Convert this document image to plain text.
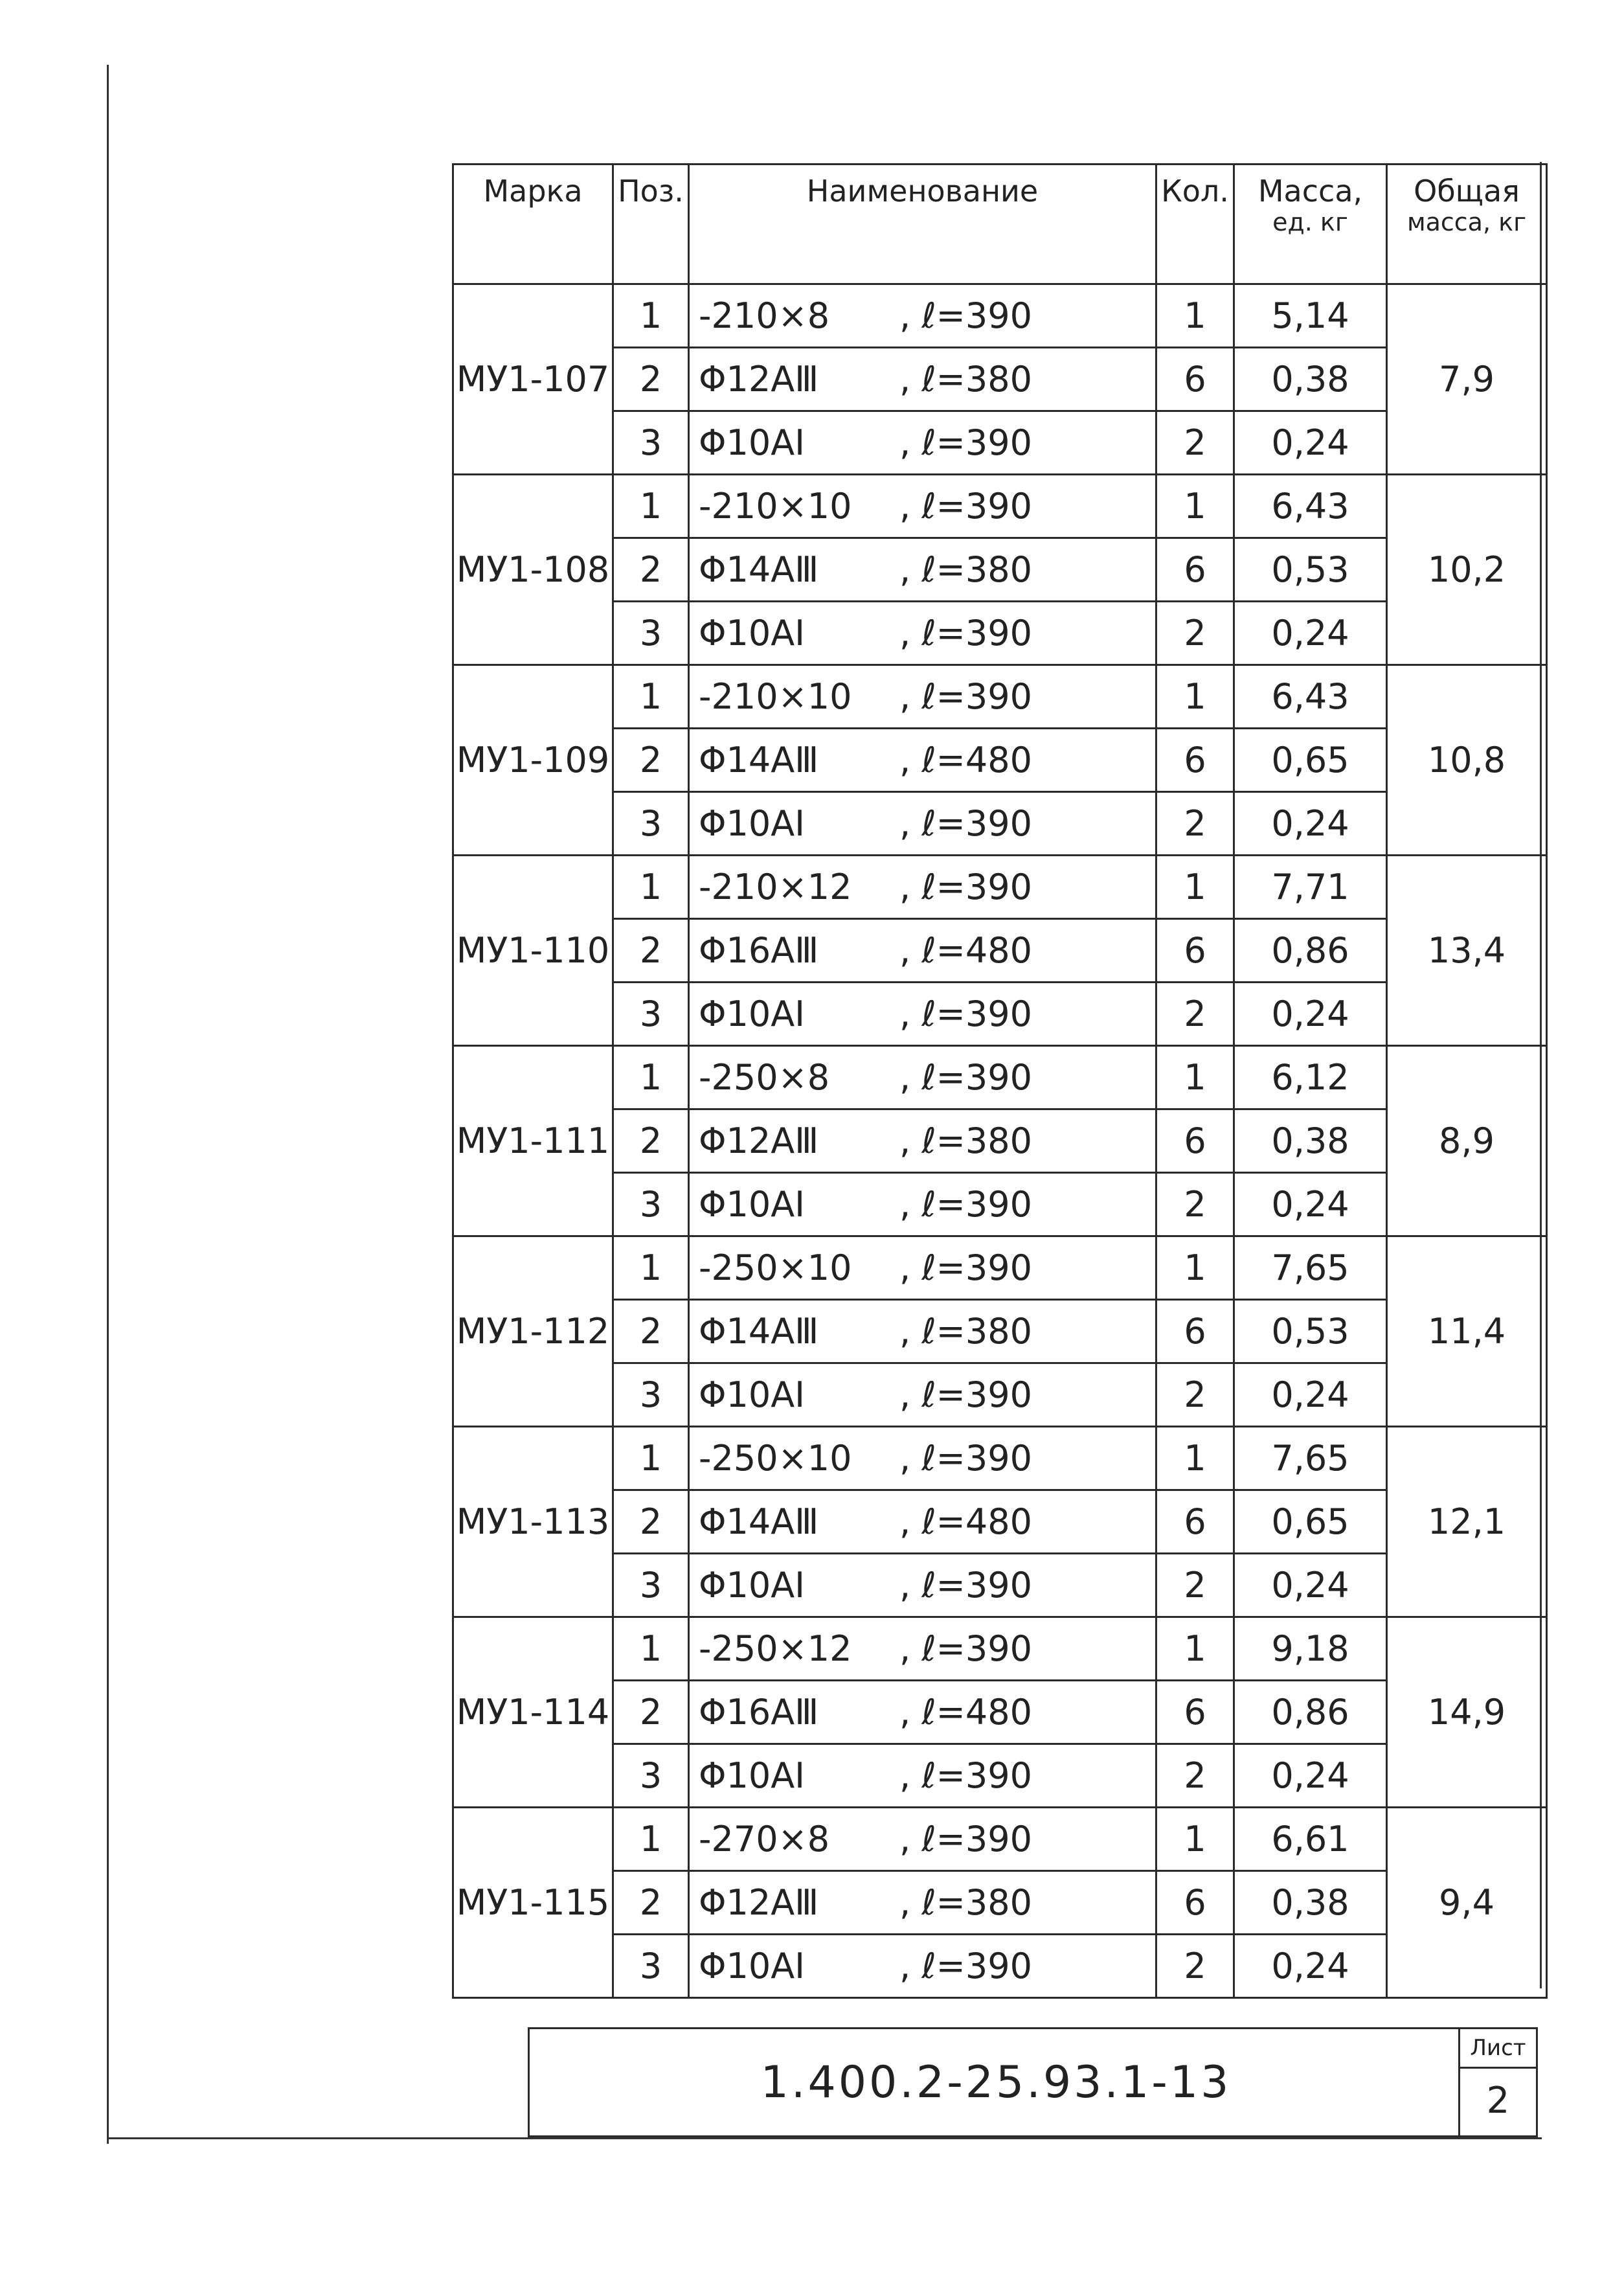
Марка	Поз.	Наименование	Кол.	Масса,
ед. кг	Общая
масса, кг

МУ1-107	1	-210×8 , ℓ=390	1	5,14	7,9
	2	Φ12АⅢ , ℓ=380	6	0,38	
	3	Φ10АⅠ , ℓ=390	2	0,24	
МУ1-108	1	-210×10 , ℓ=390	1	6,43	10,2
	2	Φ14АⅢ , ℓ=380	6	0,53	
	3	Φ10АⅠ , ℓ=390	2	0,24	
МУ1-109	1	-210×10 , ℓ=390	1	6,43	10,8
	2	Φ14АⅢ , ℓ=480	6	0,65	
	3	Φ10АⅠ , ℓ=390	2	0,24	
МУ1-110	1	-210×12 , ℓ=390	1	7,71	13,4
	2	Φ16АⅢ , ℓ=480	6	0,86	
	3	Φ10АⅠ , ℓ=390	2	0,24	
МУ1-111	1	-250×8 , ℓ=390	1	6,12	8,9
	2	Φ12АⅢ , ℓ=380	6	0,38	
	3	Φ10АⅠ , ℓ=390	2	0,24	
МУ1-112	1	-250×10 , ℓ=390	1	7,65	11,4
	2	Φ14АⅢ , ℓ=380	6	0,53	
	3	Φ10АⅠ , ℓ=390	2	0,24	
МУ1-113	1	-250×10 , ℓ=390	1	7,65	12,1
	2	Φ14АⅢ , ℓ=480	6	0,65	
	3	Φ10АⅠ , ℓ=390	2	0,24	
МУ1-114	1	-250×12 , ℓ=390	1	9,18	14,9
	2	Φ16АⅢ , ℓ=480	6	0,86	
	3	Φ10АⅠ , ℓ=390	2	0,24	
МУ1-115	1	-270×8 , ℓ=390	1	6,61	9,4
	2	Φ12АⅢ , ℓ=380	6	0,38	
	3	Φ10АⅠ , ℓ=390	2	0,24	
1.400.2-25.93.1-13
Лист
2
